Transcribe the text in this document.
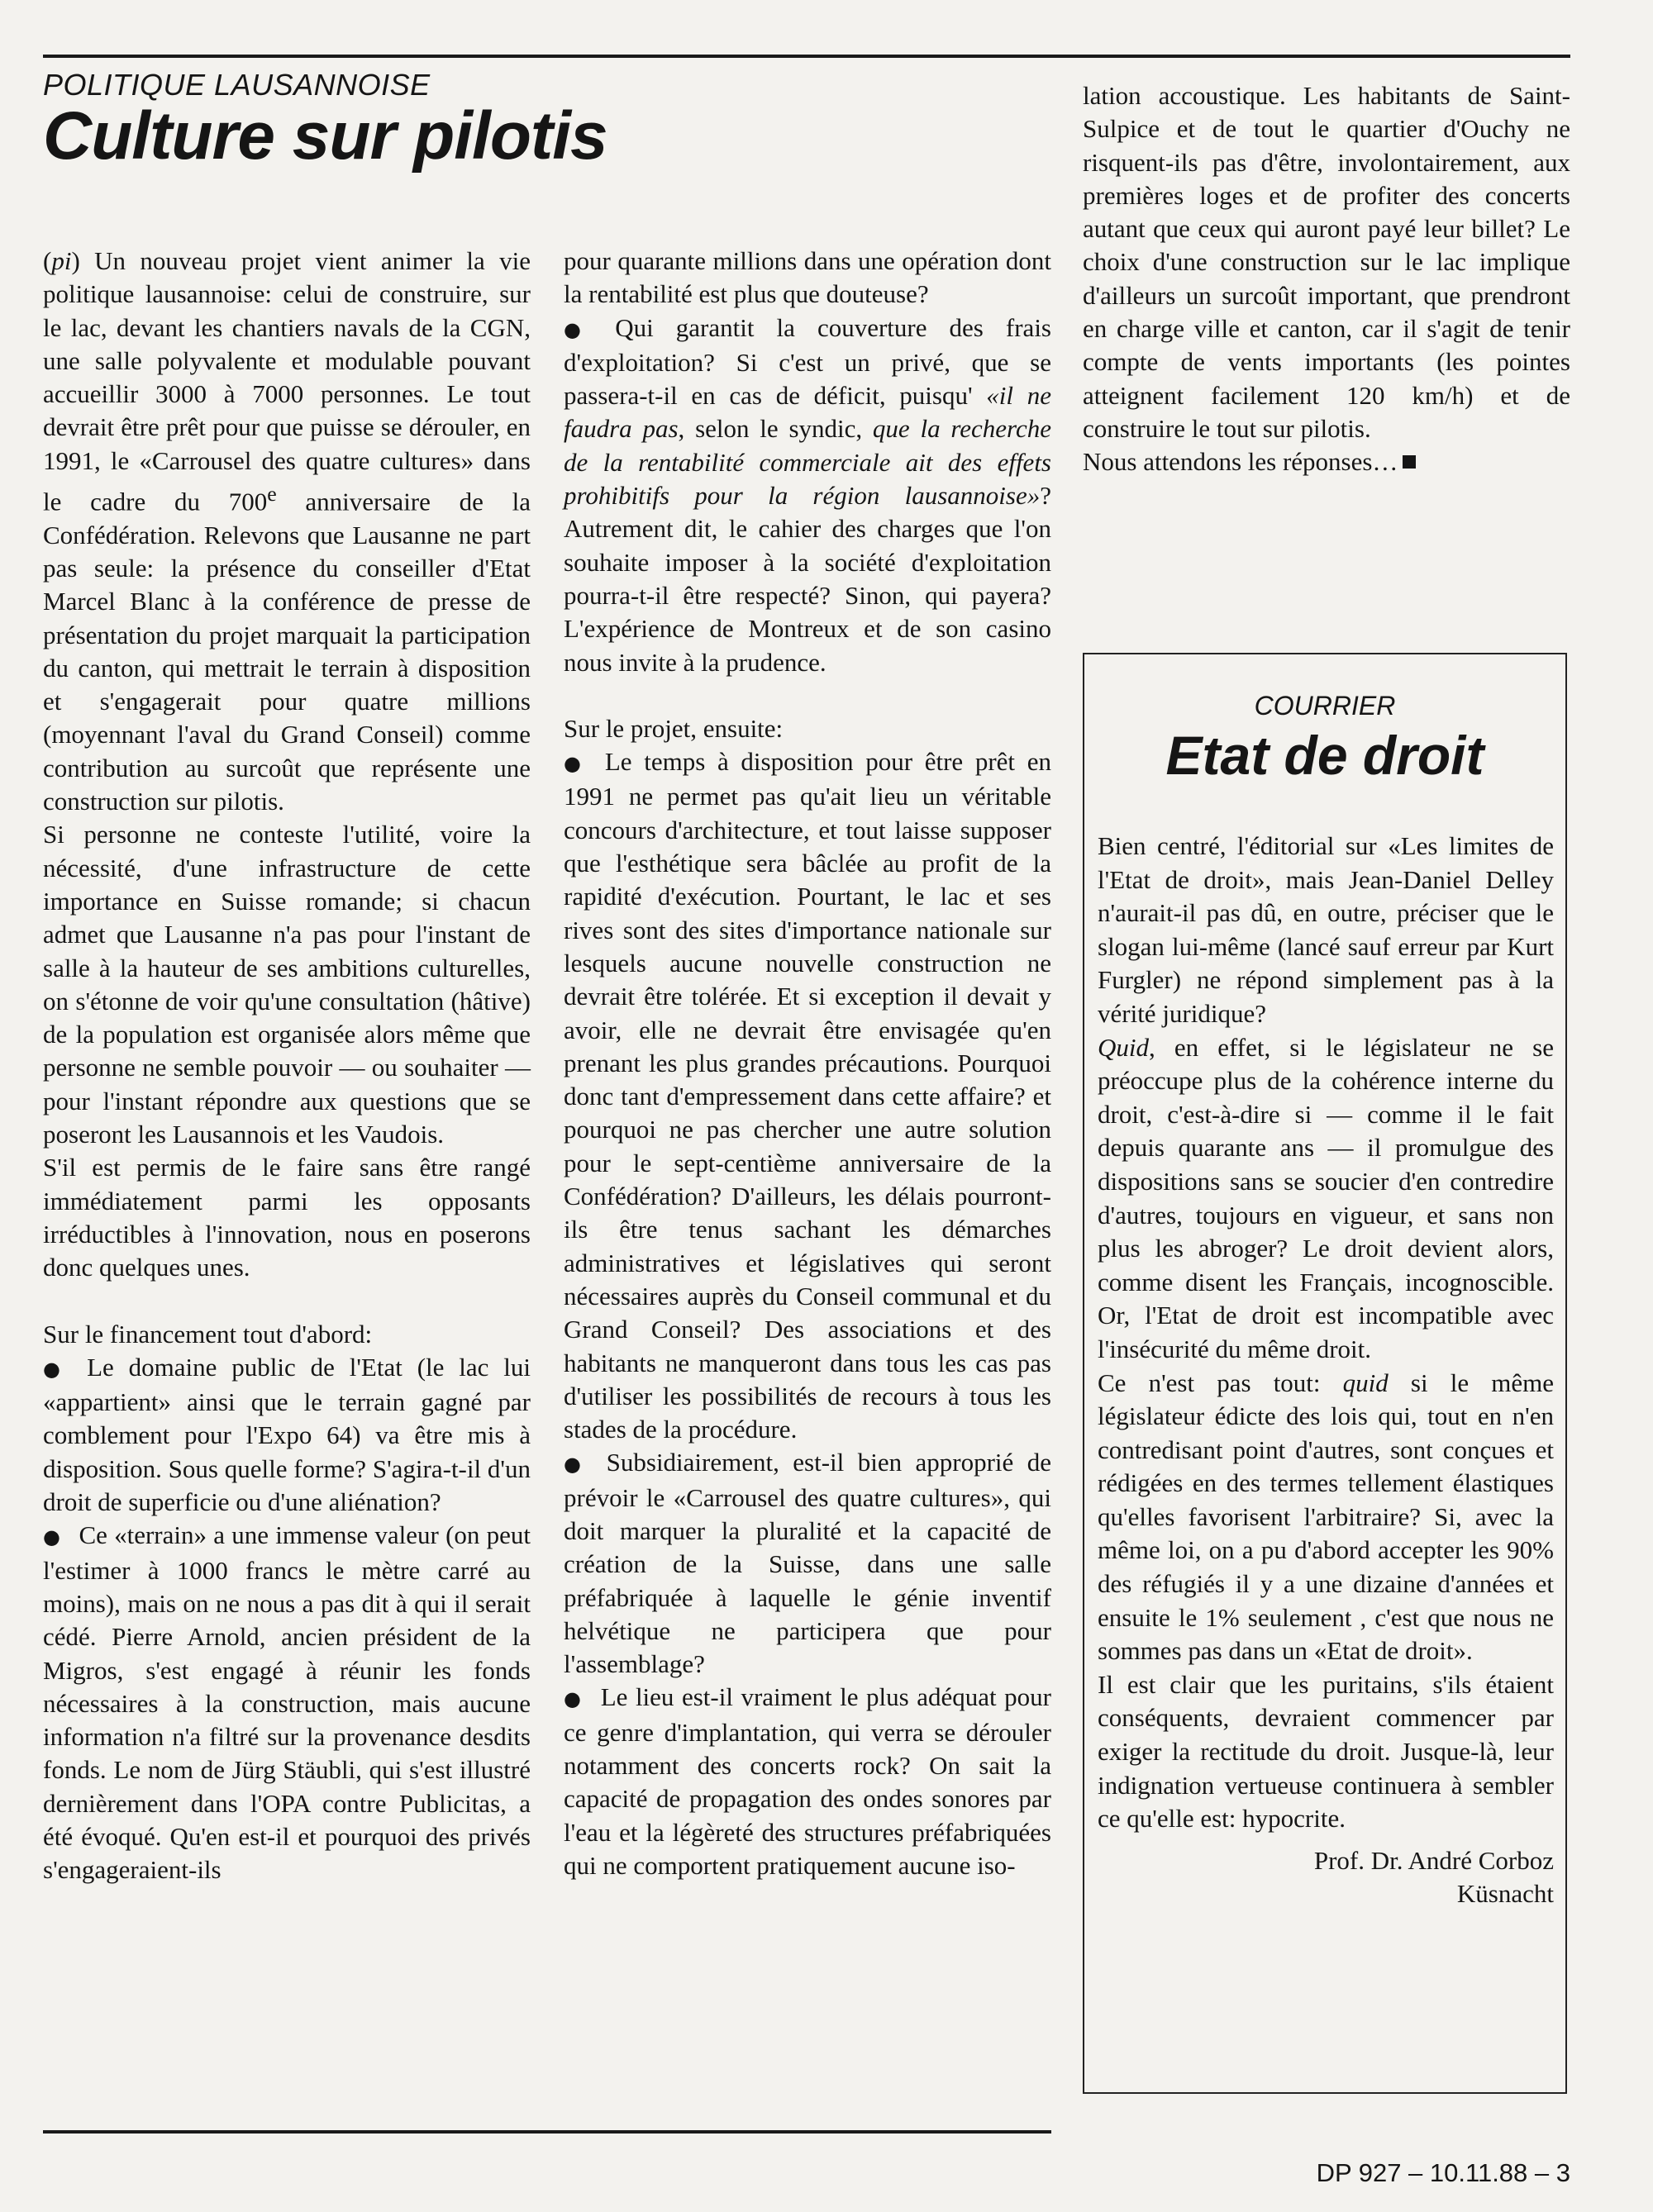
POLITIQUE LAUSANNOISE
Culture sur pilotis

(pi) Un nouveau projet vient animer la vie politique lausannoise: celui de construire, sur le lac, devant les chantiers navals de la CGN, une salle polyvalente et modulable pouvant accueillir 3000 à 7000 personnes. Le tout devrait être prêt pour que puisse se dérouler, en 1991, le «Carrousel des quatre cultures» dans le cadre du 700e anniversaire de la Confédération. Relevons que Lausanne ne part pas seule: la présence du conseiller d'Etat Marcel Blanc à la conférence de presse de présentation du projet marquait la participation du canton, qui mettrait le terrain à disposition et s'engagerait pour quatre millions (moyennant l'aval du Grand Conseil) comme contribution au surcoût que représente une construction sur pilotis.

Si personne ne conteste l'utilité, voire la nécessité, d'une infrastructure de cette importance en Suisse romande; si chacun admet que Lausanne n'a pas pour l'instant de salle à la hauteur de ses ambitions culturelles, on s'étonne de voir qu'une consultation (hâtive) de la population est organisée alors même que personne ne semble pouvoir — ou souhaiter — pour l'instant répondre aux questions que se poseront les Lausannois et les Vaudois.

S'il est permis de le faire sans être rangé immédiatement parmi les opposants irréductibles à l'innovation, nous en poserons donc quelques unes.

Sur le financement tout d'abord:

● Le domaine public de l'Etat (le lac lui «appartient» ainsi que le terrain gagné par comblement pour l'Expo 64) va être mis à disposition. Sous quelle forme? S'agira-t-il d'un droit de superficie ou d'une aliénation?

● Ce «terrain» a une immense valeur (on peut l'estimer à 1000 francs le mètre carré au moins), mais on ne nous a pas dit à qui il serait cédé. Pierre Arnold, ancien président de la Migros, s'est engagé à réunir les fonds nécessaires à la construction, mais aucune information n'a filtré sur la provenance desdits fonds. Le nom de Jürg Stäubli, qui s'est illustré dernièrement dans l'OPA contre Publicitas, a été évoqué. Qu'en est-il et pourquoi des privés s'engageraient-ils

pour quarante millions dans une opération dont la rentabilité est plus que douteuse?

● Qui garantit la couverture des frais d'exploitation? Si c'est un privé, que se passera-t-il en cas de déficit, puisqu' «il ne faudra pas, selon le syndic, que la recherche de la rentabilité commerciale ait des effets prohibitifs pour la région lausannoise»? Autrement dit, le cahier des charges que l'on souhaite imposer à la société d'exploitation pourra-t-il être respecté? Sinon, qui payera? L'expérience de Montreux et de son casino nous invite à la prudence.

Sur le projet, ensuite:

● Le temps à disposition pour être prêt en 1991 ne permet pas qu'ait lieu un véritable concours d'architecture, et tout laisse supposer que l'esthétique sera bâclée au profit de la rapidité d'exécution. Pourtant, le lac et ses rives sont des sites d'importance nationale sur lesquels aucune nouvelle construction ne devrait être tolérée. Et si exception il devait y avoir, elle ne devrait être envisagée qu'en prenant les plus grandes précautions. Pourquoi donc tant d'empressement dans cette affaire? et pourquoi ne pas chercher une autre solution pour le sept-centième anniversaire de la Confédération? D'ailleurs, les délais pourront-ils être tenus sachant les démarches administratives et législatives qui seront nécessaires auprès du Conseil communal et du Grand Conseil? Des associations et des habitants ne manqueront dans tous les cas pas d'utiliser les possibilités de recours à tous les stades de la procédure.

● Subsidiairement, est-il bien approprié de prévoir le «Carrousel des quatre cultures», qui doit marquer la pluralité et la capacité de création de la Suisse, dans une salle préfabriquée à laquelle le génie inventif helvétique ne participera que pour l'assemblage?

● Le lieu est-il vraiment le plus adéquat pour ce genre d'implantation, qui verra se dérouler notamment des concerts rock? On sait la capacité de propagation des ondes sonores par l'eau et la légèreté des structures préfabriquées qui ne comportent pratiquement aucune iso-

lation accoustique. Les habitants de Saint-Sulpice et de tout le quartier d'Ouchy ne risquent-ils pas d'être, involontairement, aux premières loges et de profiter des concerts autant que ceux qui auront payé leur billet? Le choix d'une construction sur le lac implique d'ailleurs un surcoût important, que prendront en charge ville et canton, car il s'agit de tenir compte de vents importants (les pointes atteignent facilement 120 km/h) et de construire le tout sur pilotis.

Nous attendons les réponses…

COURRIER
Etat de droit

Bien centré, l'éditorial sur «Les limites de l'Etat de droit», mais Jean-Daniel Delley n'aurait-il pas dû, en outre, préciser que le slogan lui-même (lancé sauf erreur par Kurt Furgler) ne répond simplement pas à la vérité juridique?

Quid, en effet, si le législateur ne se préoccupe plus de la cohérence interne du droit, c'est-à-dire si — comme il le fait depuis quarante ans — il promulgue des dispositions sans se soucier d'en contredire d'autres, toujours en vigueur, et sans non plus les abroger? Le droit devient alors, comme disent les Français, incognoscible. Or, l'Etat de droit est incompatible avec l'insécurité du même droit.

Ce n'est pas tout: quid si le même législateur édicte des lois qui, tout en n'en contredisant point d'autres, sont conçues et rédigées en des termes tellement élastiques qu'elles favorisent l'arbitraire? Si, avec la même loi, on a pu d'abord accepter les 90% des réfugiés il y a une dizaine d'années et ensuite le 1% seulement , c'est que nous ne sommes pas dans un «Etat de droit».

Il est clair que les puritains, s'ils étaient conséquents, devraient commencer par exiger la rectitude du droit. Jusque-là, leur indignation vertueuse continuera à sembler ce qu'elle est: hypocrite.

Prof. Dr. André Corboz

Küsnacht

DP 927 – 10.11.88 – 3
